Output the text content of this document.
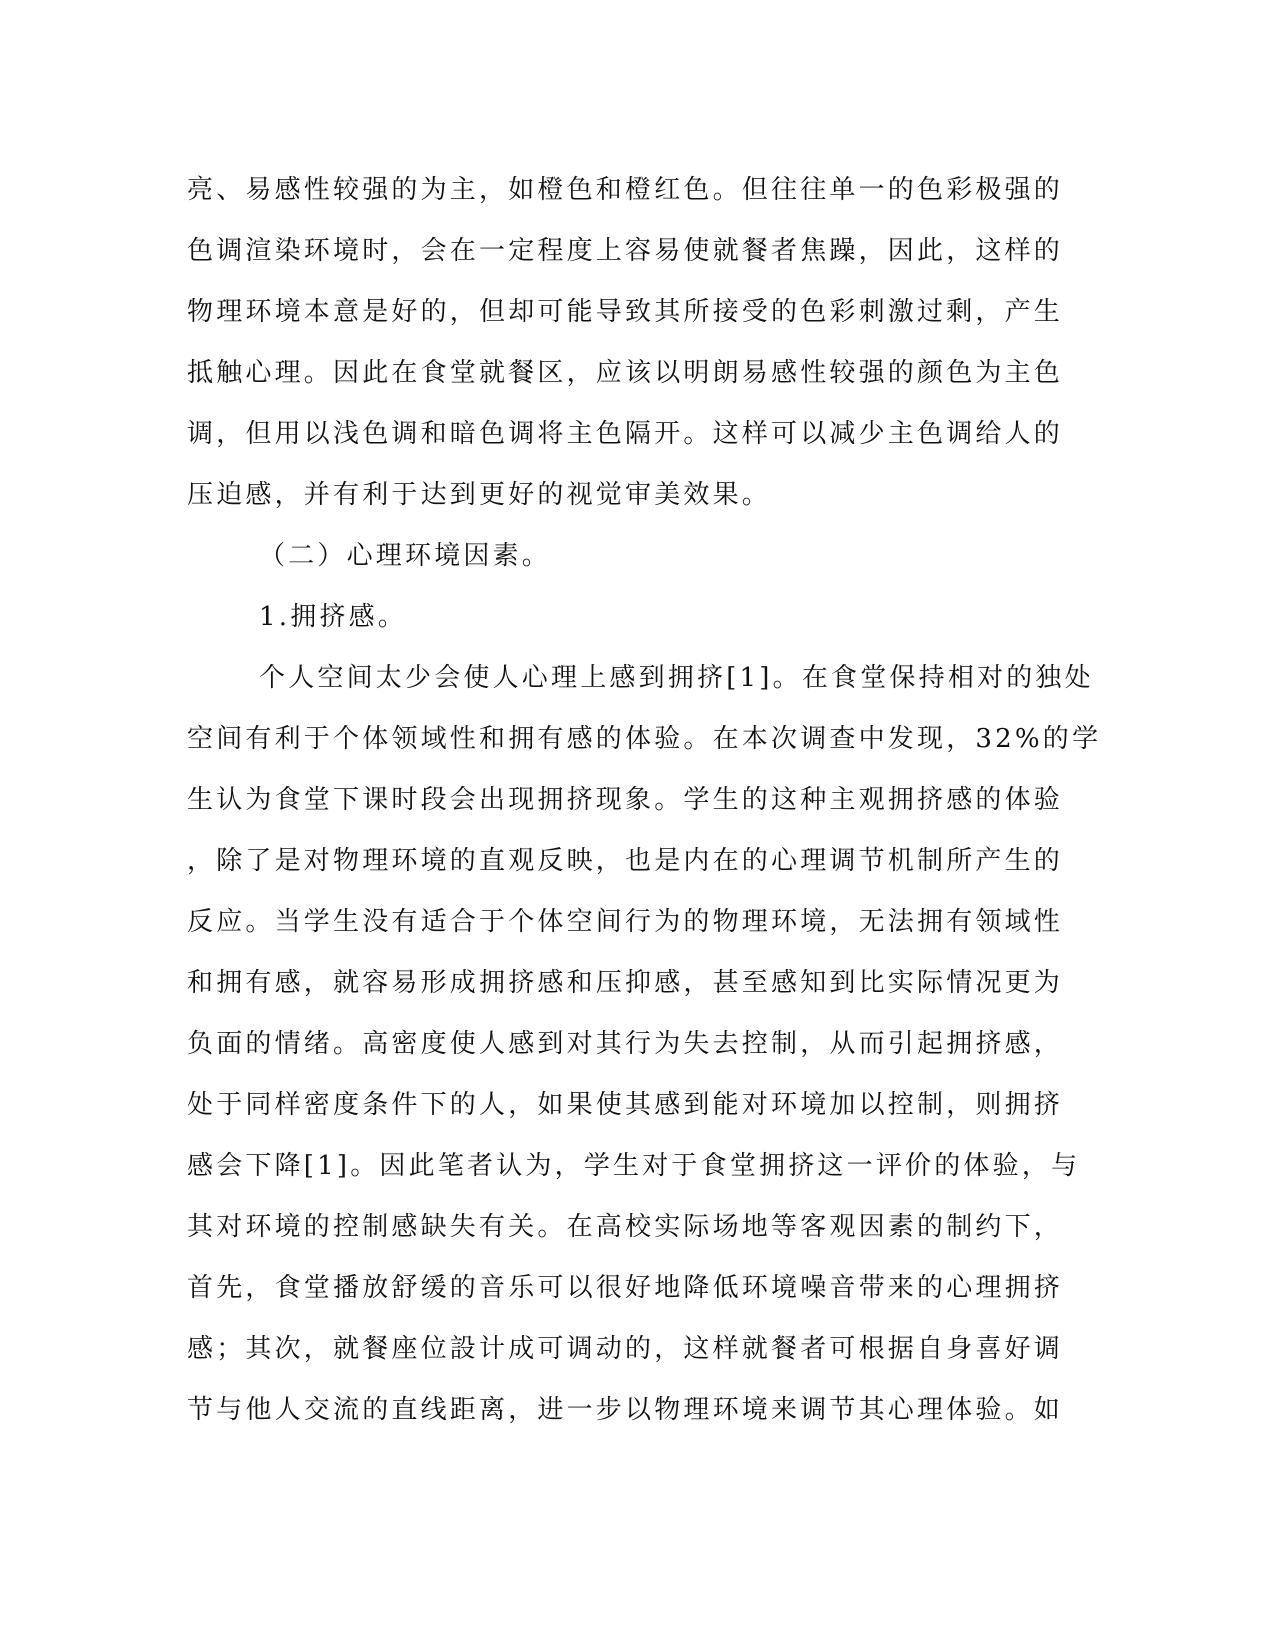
亮、易感性较强的为主，如橙色和橙红色。但往往单一的色彩极强的
色调渲染环境时，会在一定程度上容易使就餐者焦躁，因此，这样的
物理环境本意是好的，但却可能导致其所接受的色彩刺激过剩，产生
抵触心理。因此在食堂就餐区，应该以明朗易感性较强的颜色为主色
调，但用以浅色调和暗色调将主色隔开。这样可以减少主色调给人的
压迫感，并有利于达到更好的视觉审美效果。
（二）心理环境因素。
1.拥挤感。
个人空间太少会使人心理上感到拥挤[1]。在食堂保持相对的独处
空间有利于个体领域性和拥有感的体验。在本次调查中发现，32%的学
生认为食堂下课时段会出现拥挤现象。学生的这种主观拥挤感的体验
，除了是对物理环境的直观反映，也是内在的心理调节机制所产生的
反应。当学生没有适合于个体空间行为的物理环境，无法拥有领域性
和拥有感，就容易形成拥挤感和压抑感，甚至感知到比实际情况更为
负面的情绪。高密度使人感到对其行为失去控制，从而引起拥挤感，
处于同样密度条件下的人，如果使其感到能对环境加以控制，则拥挤
感会下降[1]。因此笔者认为，学生对于食堂拥挤这一评价的体验，与
其对环境的控制感缺失有关。在高校实际场地等客观因素的制约下，
首先，食堂播放舒缓的音乐可以很好地降低环境噪音带来的心理拥挤
感；其次，就餐座位設计成可调动的，这样就餐者可根据自身喜好调
节与他人交流的直线距离，进一步以物理环境来调节其心理体验。如
